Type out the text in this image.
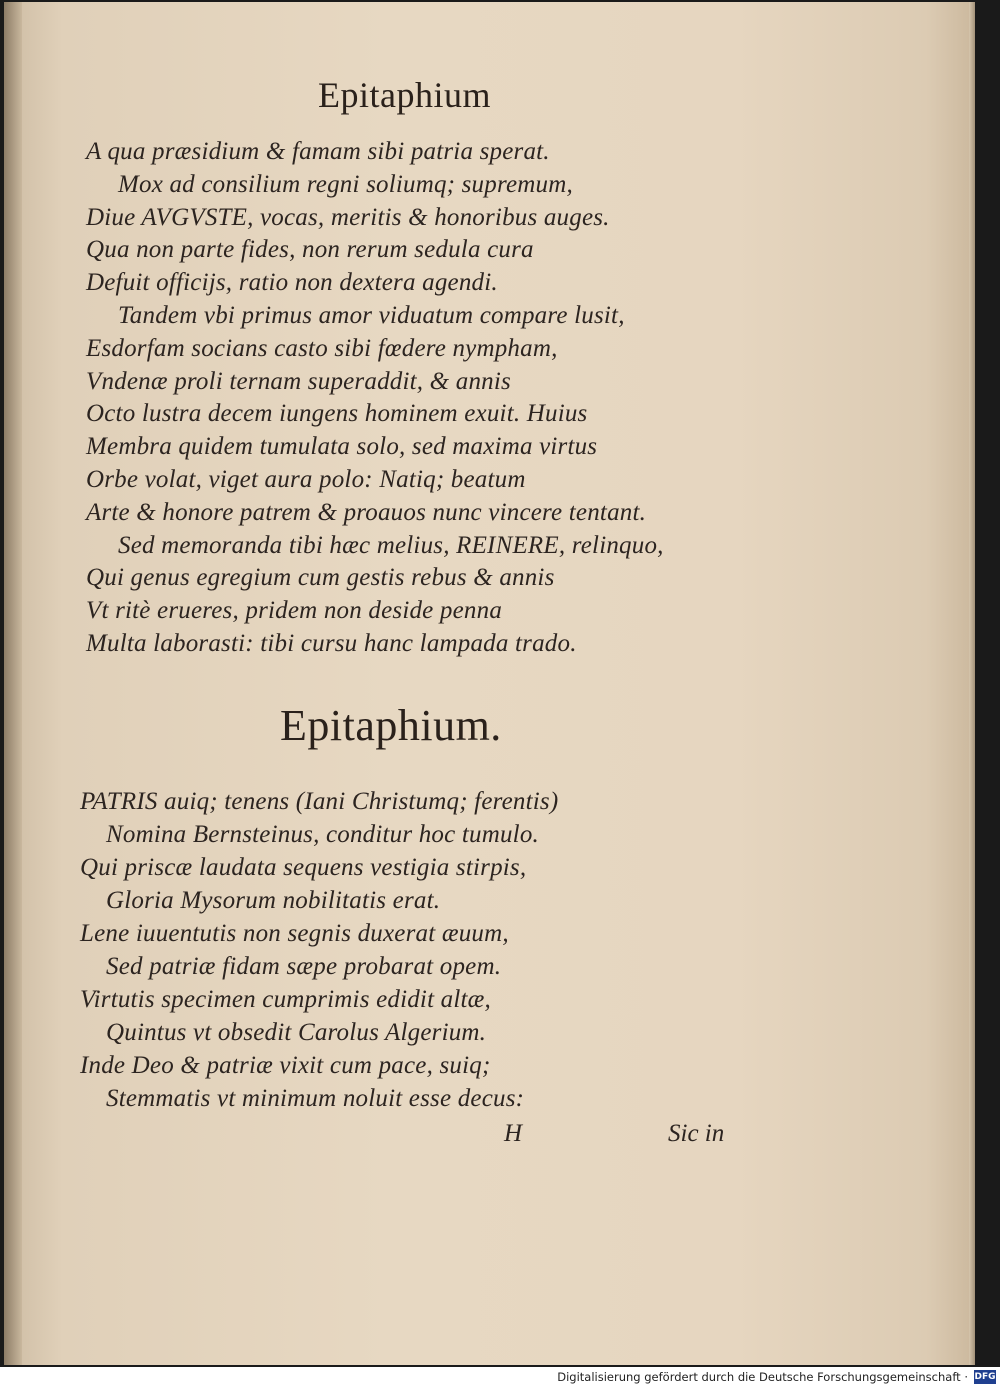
Epitaphium
A qua præsidium & famam sibi patria sperat.
Mox ad consilium regni soliumq; supremum,
Diue AVGVSTE, vocas, meritis & honoribus auges.
Qua non parte fides, non rerum sedula cura
Defuit officijs, ratio non dextera agendi.
Tandem vbi primus amor viduatum compare lusit,
Esdorfam socians casto sibi fœdere nympham,
Vndenæ proli ternam superaddit, & annis
Octo lustra decem iungens hominem exuit. Huius
Membra quidem tumulata solo, sed maxima virtus
Orbe volat, viget aura polo: Natiq; beatum
Arte & honore patrem & proauos nunc vincere tentant.
Sed memoranda tibi hæc melius, REINERE, relinquo,
Qui genus egregium cum gestis rebus & annis
Vt ritè erueres, pridem non deside penna
Multa laborasti: tibi cursu hanc lampada trado.
Epitaphium.
PATRIS auiq; tenens (Iani Christumq; ferentis)
Nomina Bernsteinus, conditur hoc tumulo.
Qui priscæ laudata sequens vestigia stirpis,
Gloria Mysorum nobilitatis erat.
Lene iuuentutis non segnis duxerat æuum,
Sed patriæ fidam sæpe probarat opem.
Virtutis specimen cumprimis edidit altæ,
Quintus vt obsedit Carolus Algerium.
Inde Deo & patriæ vixit cum pace, suiq;
Stemmatis vt minimum noluit esse decus:
H	Sic in
Digitalisierung gefördert durch die Deutsche Forschungsgemeinschaft · DFG
